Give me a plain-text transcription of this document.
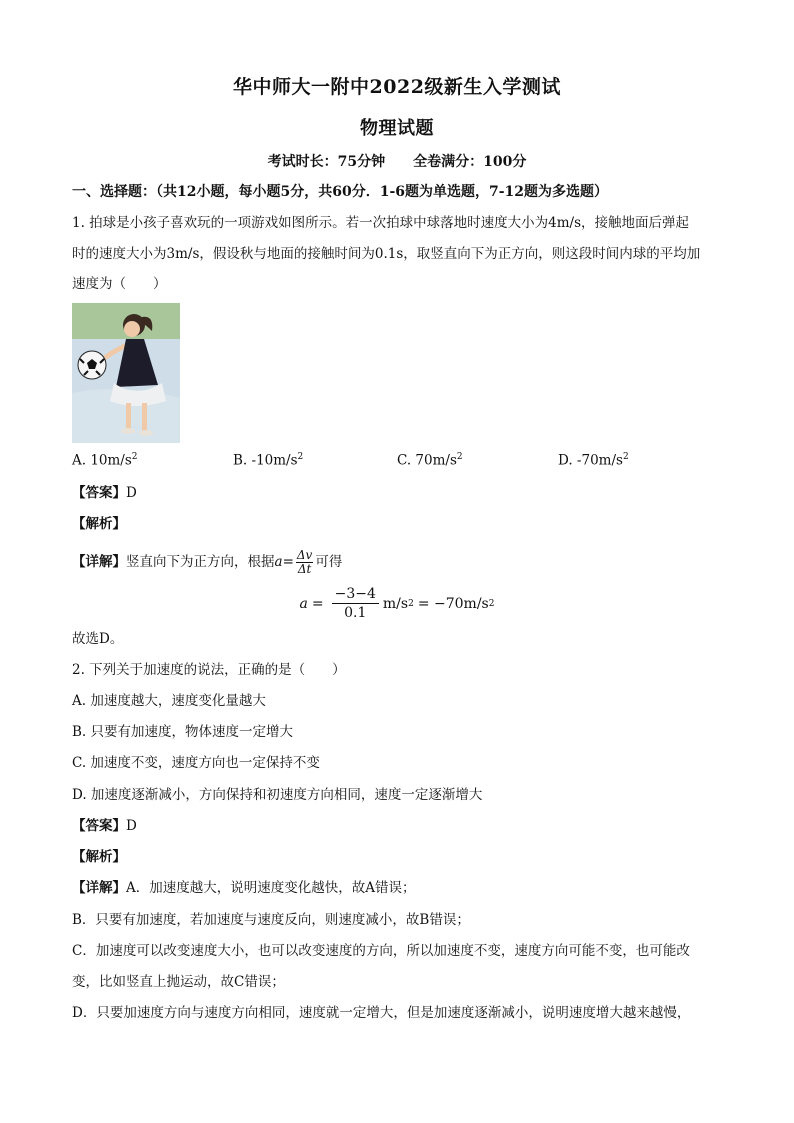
华中师大一附中2022级新生入学测试
物理试题
考试时长：75分钟 全卷满分：100分
一、选择题：（共12小题，每小题5分，共60分．1-6题为单选题，7-12题为多选题）
1. 拍球是小孩子喜欢玩的一项游戏如图所示。若一次拍球中球落地时速度大小为4m/s，接触地面后弹起
时的速度大小为3m/s，假设秋与地面的接触时间为0.1s，取竖直向下为正方向，则这段时间内球的平均加
速度为（　　）
A. $10m/s^2$	B. $-10m/s^2$	C. $70m/s^2$	D. $-70m/s^2$
【答案】D
【解析】
【详解】竖直向下为正方向，根据$a= \frac{\Delta v}{\Delta t}$ 可得
$a = \frac{-3-4}{0.1} m/s$ 2 = −70m/s 2
故选D。
2. 下列关于加速度的说法，正确的是（　　）
A. 加速度越大，速度变化量越大
B. 只要有加速度，物体速度一定增大
C. 加速度不变，速度方向也一定保持不变
D. 加速度逐渐减小，方向保持和初速度方向相同，速度一定逐渐增大
【答案】D
【解析】
【详解】A．加速度越大，说明速度变化越快，故A错误；
B．只要有加速度，若加速度与速度反向，则速度减小，故B错误；
C．加速度可以改变速度大小，也可以改变速度的方向，所以加速度不变，速度方向可能不变，也可能改
变，比如竖直上抛运动，故C错误；
D．只要加速度方向与速度方向相同，速度就一定增大，但是加速度逐渐减小，说明速度增大越来越慢，
